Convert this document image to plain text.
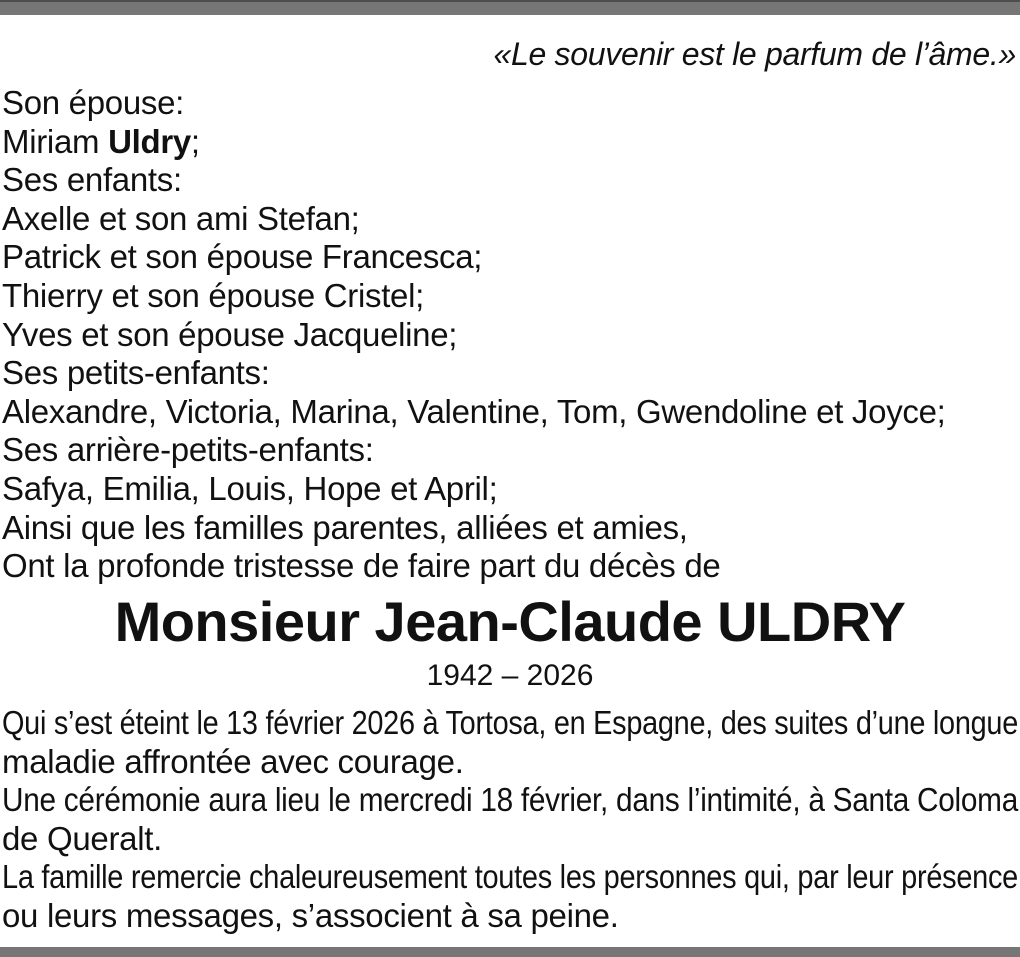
«Le souvenir est le parfum de l’âme.»
Son épouse:
Miriam Uldry;
Ses enfants:
Axelle et son ami Stefan;
Patrick et son épouse Francesca;
Thierry et son épouse Cristel;
Yves et son épouse Jacqueline;
Ses petits-enfants:
Alexandre, Victoria, Marina, Valentine, Tom, Gwendoline et Joyce;
Ses arrière-petits-enfants:
Safya, Emilia, Louis, Hope et April;
Ainsi que les familles parentes, alliées et amies,
Ont la profonde tristesse de faire part du décès de
Monsieur Jean-Claude ULDRY
1942 – 2026
Qui s’est éteint le 13 février 2026 à Tortosa, en Espagne, des suites d’une longue
maladie affrontée avec courage.
Une cérémonie aura lieu le mercredi 18 février, dans l’intimité, à Santa Coloma
de Queralt.
La famille remercie chaleureusement toutes les personnes qui, par leur présence
ou leurs messages, s’associent à sa peine.
